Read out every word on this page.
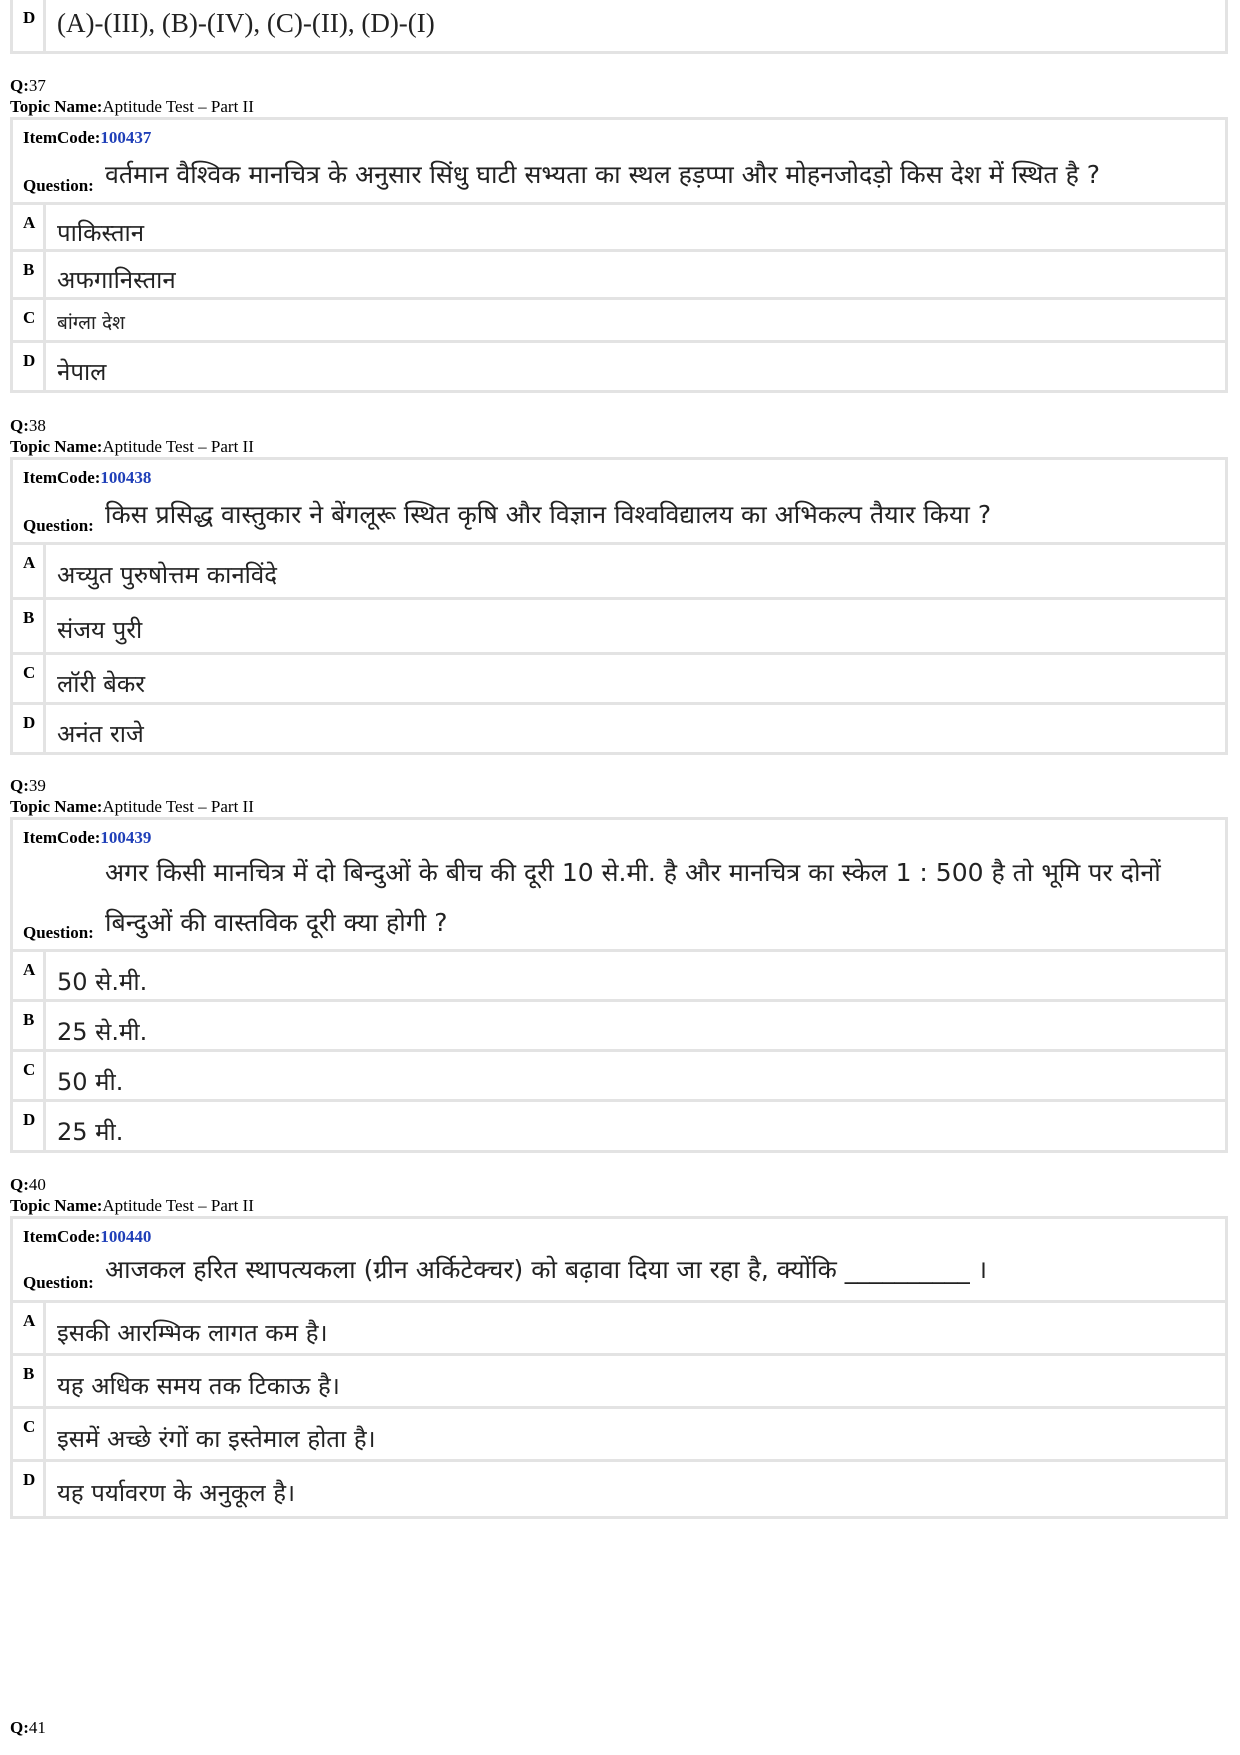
D (A)-(III), (B)-(IV), (C)-(II), (D)-(I)
Q:37
Topic Name:Aptitude Test – Part II
ItemCode:100437
वर्तमान वैश्विक मानचित्र के अनुसार सिंधु घाटी सभ्यता का स्थल हड़प्पा और मोहनजोदड़ो किस देश में स्थित है ?
Question:
A पाकिस्तान
B अफगानिस्तान
C बांग्ला देश
D नेपाल
Q:38
Topic Name:Aptitude Test – Part II
ItemCode:100438
किस प्रसिद्ध वास्तुकार ने बेंगलूरू स्थित कृषि और विज्ञान विश्वविद्यालय का अभिकल्प तैयार किया ?
Question:
A अच्युत पुरुषोत्तम कानविंदे
B संजय पुरी
C लॉरी बेकर
D अनंत राजे
Q:39
Topic Name:Aptitude Test – Part II
ItemCode:100439
अगर किसी मानचित्र में दो बिन्दुओं के बीच की दूरी 10 से.मी. है और मानचित्र का स्केल 1 : 500 है तो भूमि पर दोनों बिन्दुओं की वास्तविक दूरी क्या होगी ?
Question:
A 50 से.मी.
B 25 से.मी.
C 50 मी.
D 25 मी.
Q:40
Topic Name:Aptitude Test – Part II
ItemCode:100440
आजकल हरित स्थापत्यकला (ग्रीन अर्किटेक्चर) को बढ़ावा दिया जा रहा है, क्योंकि __________ ।
Question:
A इसकी आरम्भिक लागत कम है।
B यह अधिक समय तक टिकाऊ है।
C इसमें अच्छे रंगों का इस्तेमाल होता है।
D यह पर्यावरण के अनुकूल है।
Q:41
